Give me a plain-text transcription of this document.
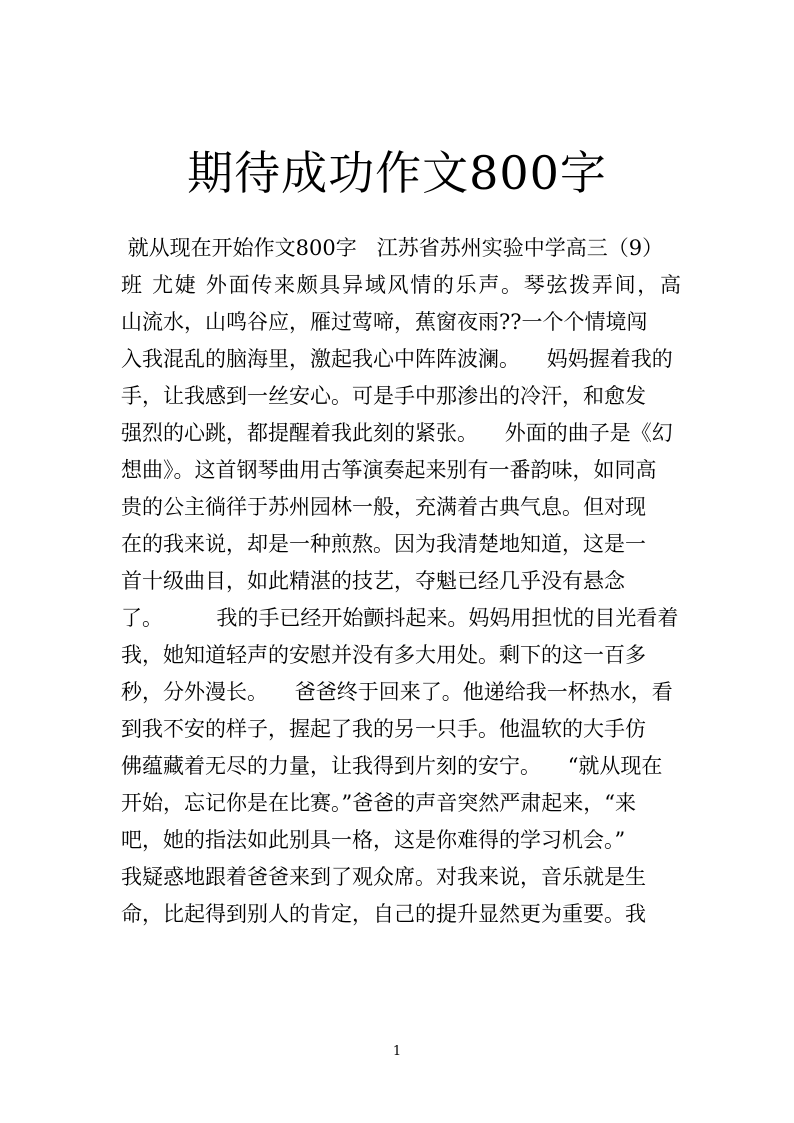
期待成功作文800字
就从现在开始作文800字   江苏省苏州实验中学高三（9）
班 尤婕 外面传来颇具异域风情的乐声。琴弦拨弄间，高
山流水，山鸣谷应，雁过莺啼，蕉窗夜雨??一个个情境闯
入我混乱的脑海里，激起我心中阵阵波澜。    妈妈握着我的
手，让我感到一丝安心。可是手中那渗出的冷汗，和愈发
强烈的心跳，都提醒着我此刻的紧张。    外面的曲子是《幻
想曲》。这首钢琴曲用古筝演奏起来别有一番韵味，如同高
贵的公主徜徉于苏州园林一般，充满着古典气息。但对现
在的我来说，却是一种煎熬。因为我清楚地知道，这是一
首十级曲目，如此精湛的技艺，夺魁已经几乎没有悬念
了。        我的手已经开始颤抖起来。妈妈用担忧的目光看着
我，她知道轻声的安慰并没有多大用处。剩下的这一百多
秒，分外漫长。    爸爸终于回来了。他递给我一杯热水，看
到我不安的样子，握起了我的另一只手。他温软的大手仿
佛蕴藏着无尽的力量，让我得到片刻的安宁。    “就从现在
开始，忘记你是在比赛。”爸爸的声音突然严肃起来，“来
吧，她的指法如此别具一格，这是你难得的学习机会。”
我疑惑地跟着爸爸来到了观众席。对我来说，音乐就是生
命，比起得到别人的肯定，自己的提升显然更为重要。我
1
